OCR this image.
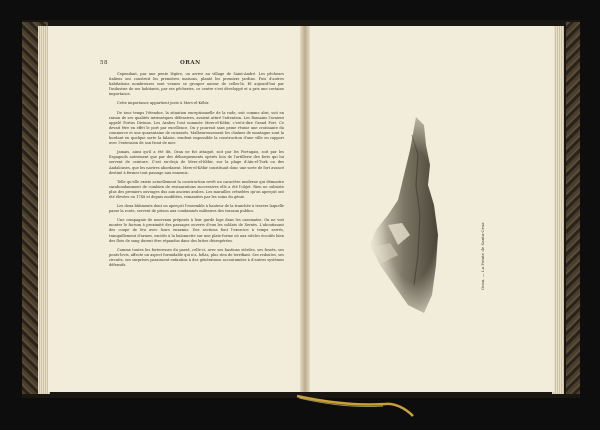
58	ORAN

Cependant, par une pente légère, on arrive au village de Saint-André. Les pêcheurs italiens ont construit les premières maisons, planté les premiers jardins. Puis d'autres habitations nombreuses sont venues se grouper autour de celles-là. Et aujourd'hui par l'industrie de ses habitants, par ses pêcheries, ce centre s'est développé et a pris une certaine importance.

Cette importance appartient juste à Mers-el-Kébir.

De tous temps l'étendue, la situation exceptionnelle de la rade, soit comme abri, soit en raison de ses qualités intrinsèques défensives, avaient attiré l'attention. Les Romains l'avaient appelé Portus Divinus. Les Arabes l'ont nommée Mers-el-Kébir, c'est-à-dire Grand Port. Ce devait être en effet le port par excellence. On y pourrait sans peine réunir une croissante du commerce et une quarantaine de cuirassés. Malheureusement les chaînes de montagne sont la bordant en quelque sorte la falaise, rendent impossible la construction d'une ville en rapport avec l'extension de son front de mer.

Jamais, ainsi qu'il a été dit, Oran ne fut attaqué, soit par les Portugais, soit par les Espagnols autrement que par des débarquements opérés loin de l'artillerie des forts qui lui servent de ceinture. C'est en-deçà de Mers-el-Kébir, sur la plage d'Aïn-el-Turk ou des Andalouses, que les navires abordaient. Mers-el-Kébir constituait donc une sorte de fort avancé destiné à fermer tout passage aux ennemis.

Telle qu'elle existe actuellement la construction revêt un caractère moderne qui démontre surabondamment de combien de restaurations successives elle a été l'objet. Rien ne subsiste plus des premiers ouvrages dus aux anciens arabes. Les murailles crénelées qu'on aperçoit ont été élevées en 1748 et depuis modifiées, remaniées par les soins du génie.

Les deux bâtiments dont on aperçoit l'ensemble à hauteur de la tranchée à travers laquelle passe la route, servent de prison aux condamnés militaires des travaux publics.

Une compagnie de nouveaux préposés à leur garde loge dans les casemates. On ne voit monter le factum à proximité des passages ouverts d'eux les soldats de Xerxès. L'aboutissant des coupe de feu avec leurs ennemis. Des sections font l'exercice à temps serrés, tranquillement d'armes, excités à la baïonnette sur une plate-forme où aux siècles écoulés bien des flots de sang durent être répandus dans des luttes désespérées.

Comme toutes les forteresses du passé, celle-ci, avec ses bastions stériles, ses fossés, ses ponts-levis, affecte un aspect formidable qui n'a, hélas, plus rien de terrifiant. Ses redoutes, ses circuits, ses surprises paraissent enfantins à des générations accoutumées à d'autres systèmes défensifs.	Oran. — La Pointe de Santa-Cruz.
